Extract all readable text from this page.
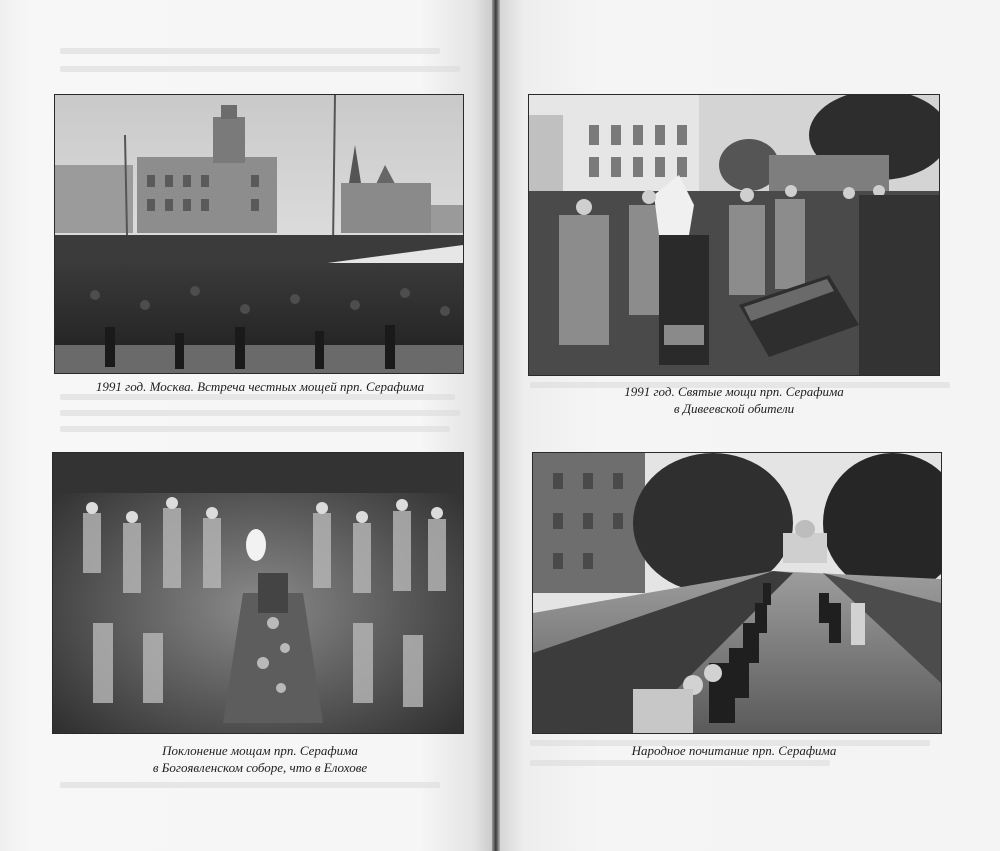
1991 год. Москва. Встреча честных мощей прп. Серафима
Поклонение мощам прп. Серафима
в Богоявленском соборе, что в Елохове
1991 год. Святые мощи прп. Серафима
в Дивеевской обители
Народное почитание прп. Серафима
